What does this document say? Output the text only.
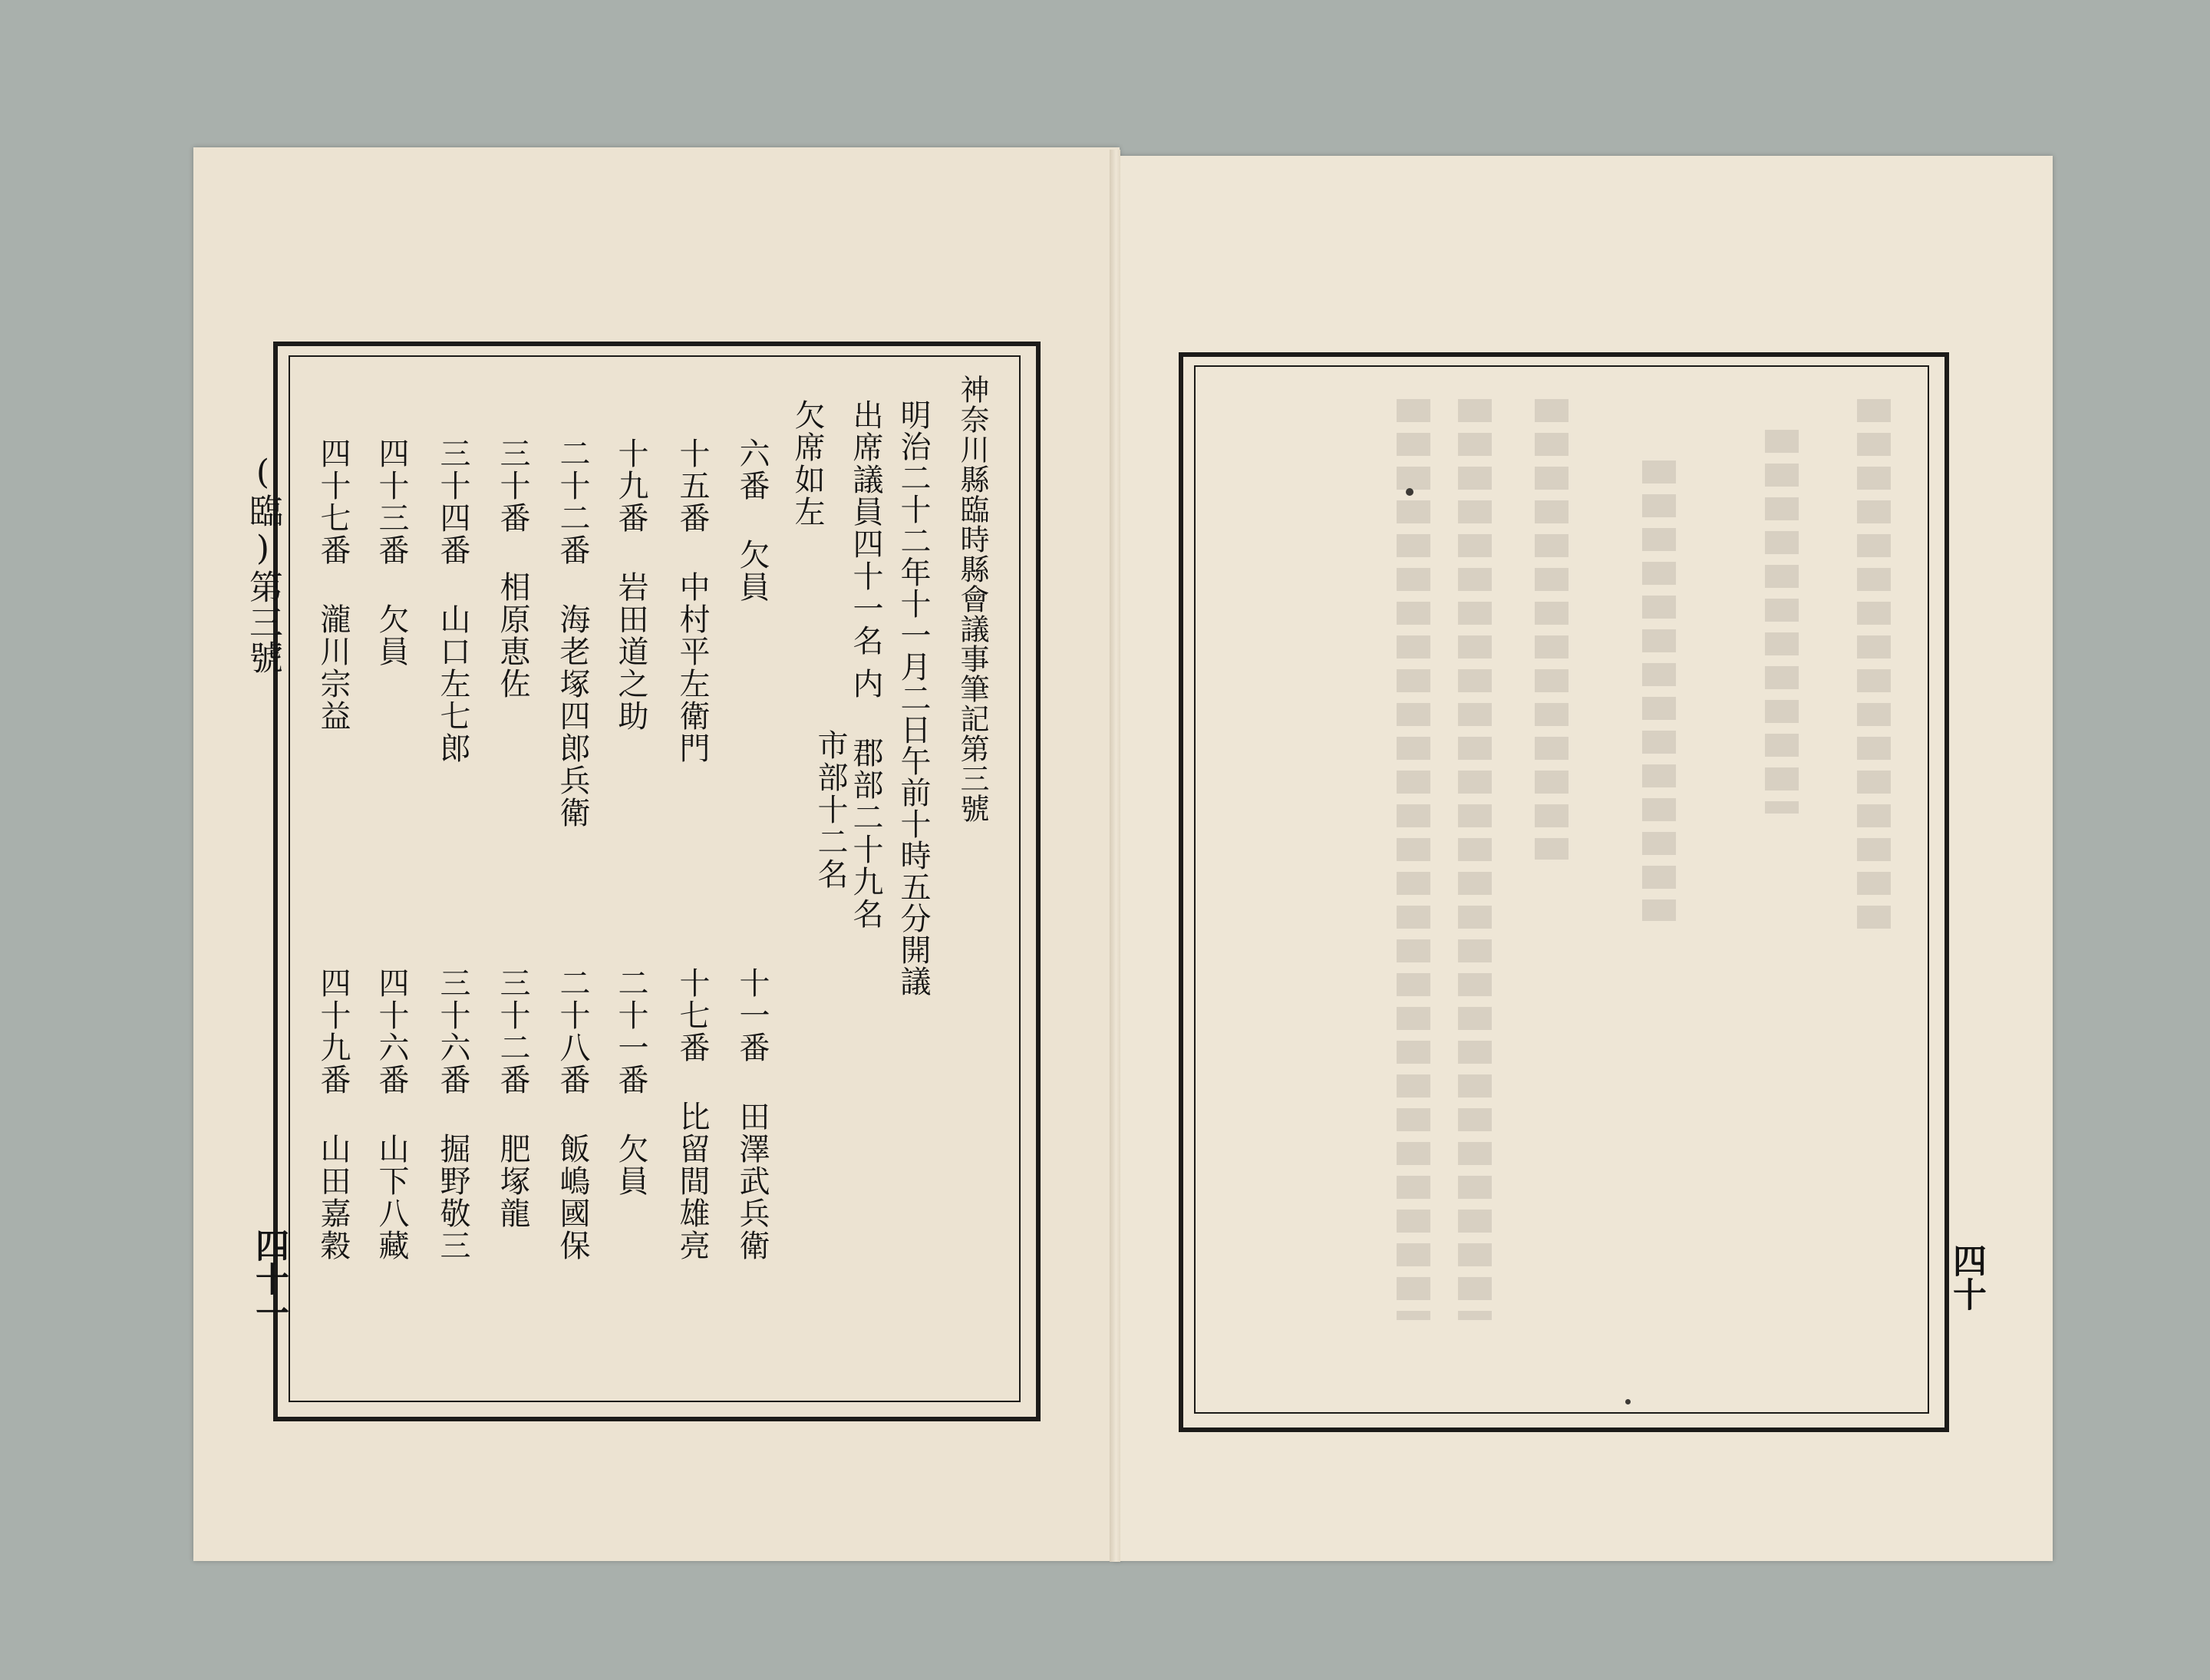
(臨)第三號
四十一
神奈川縣臨時縣會議事筆記第三號
明治二十二年十一月二日午前十時五分開議
出席議員四十一名
内 郡部二十九名
市部十二名
欠席如左
六番 欠員
十五番 中村平左衛門
十九番 岩田道之助
二十二番 海老塚四郎兵衛
三十番 相原恵佐
三十四番 山口左七郎
四十三番 欠員
四十七番 瀧川宗益
十一番 田澤武兵衛
十七番 比留間雄亮
二十一番 欠員
二十八番 飯嶋國保
三十二番 肥塚龍
三十六番 掘野敬三
四十六番 山下八藏
四十九番 山田嘉穀
四十
